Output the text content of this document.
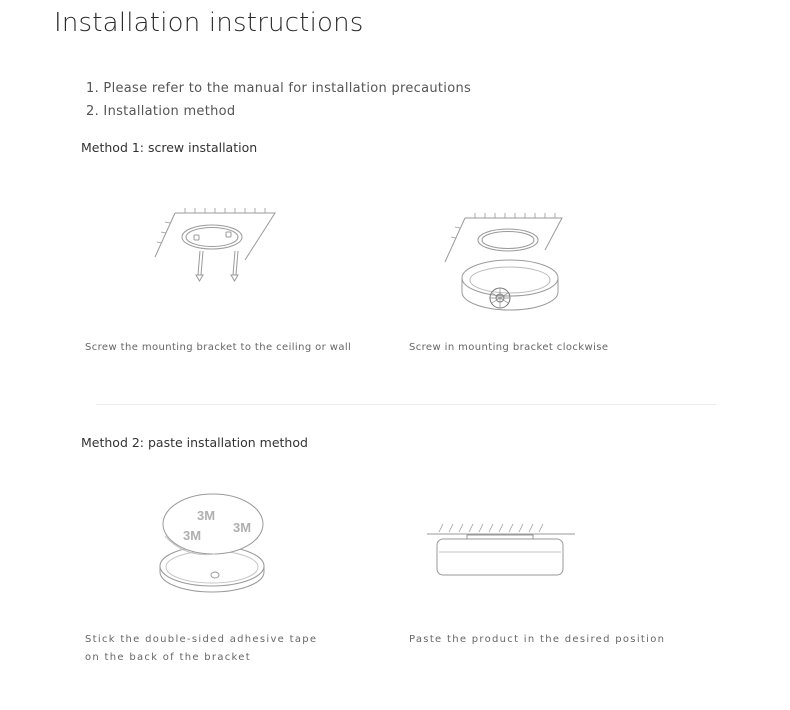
Installation instructions
1. Please refer to the manual for installation precautions
2. Installation method
Method 1: screw installation
Screw the mounting bracket to the ceiling or wall	Screw in mounting bracket clockwise
Method 2: paste installation method
3M
3M
3M
Stick the double-sided adhesive tape
on the back of the bracket
Paste the product in the desired position
